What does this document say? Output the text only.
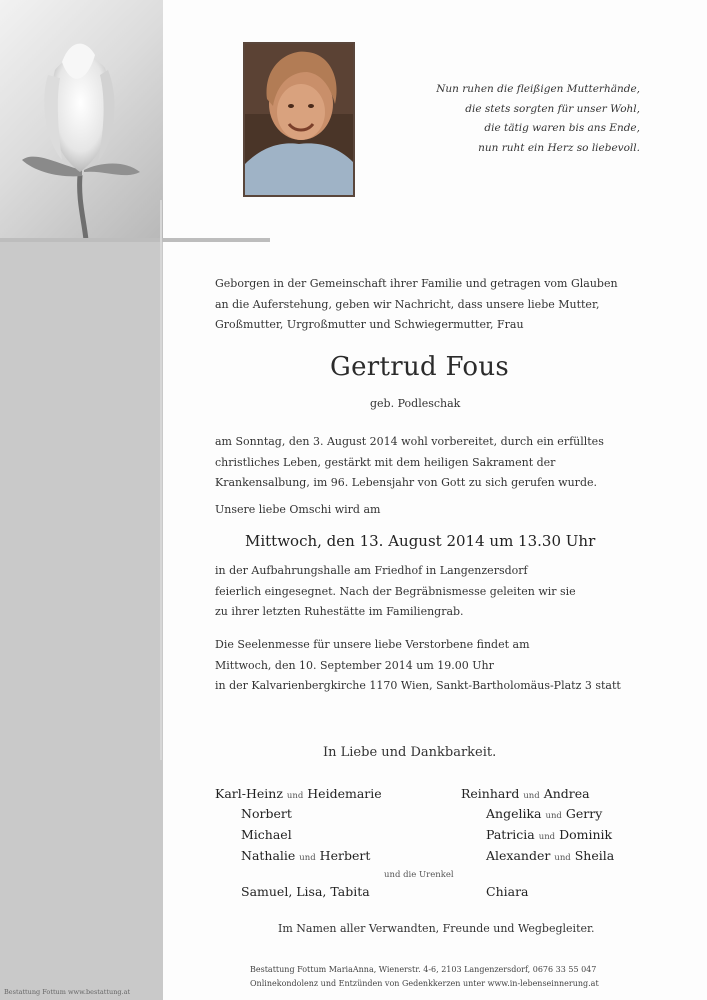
Nun ruhen die fleißigen Mutterhände,
die stets sorgten für unser Wohl,
die tätig waren bis ans Ende,
nun ruht ein Herz so liebevoll.
Geborgen in der Gemeinschaft ihrer Familie und getragen vom Glauben
an die Auferstehung, geben wir Nachricht, dass unsere liebe Mutter,
Großmutter, Urgroßmutter und Schwiegermutter, Frau
Gertrud Fous
geb. Podleschak
am Sonntag, den 3. August 2014 wohl vorbereitet, durch ein erfülltes
christliches Leben, gestärkt mit dem heiligen Sakrament der
Krankensalbung, im 96. Lebensjahr von Gott zu sich gerufen wurde.
Unsere liebe Omschi wird am
Mittwoch, den 13. August 2014 um 13.30 Uhr
in der Aufbahrungshalle am Friedhof in Langenzersdorf
feierlich eingesegnet. Nach der Begräbnismesse geleiten wir sie
zu ihrer letzten Ruhestätte im Familiengrab.
Die Seelenmesse für unsere liebe Verstorbene findet am
Mittwoch, den 10. September 2014 um 19.00 Uhr
in der Kalvarienbergkirche 1170 Wien, Sankt-Bartholomäus-Platz 3 statt
In Liebe und Dankbarkeit.
Karl-Heinz und Heidemarie
Norbert
Michael
Nathalie und Herbert
und die Urenkel
Samuel, Lisa, Tabita
Reinhard und Andrea
Angelika und Gerry
Patricia und Dominik
Alexander und Sheila
Chiara
Im Namen aller Verwandten, Freunde und Wegbegleiter.
Bestattung Fottum MariaAnna, Wienerstr. 4-6, 2103 Langenzersdorf, 0676 33 55 047
Onlinekondolenz und Entzünden von Gedenkkerzen unter www.in-lebenseinnerung.at
Bestattung Fottum www.bestattung.at
